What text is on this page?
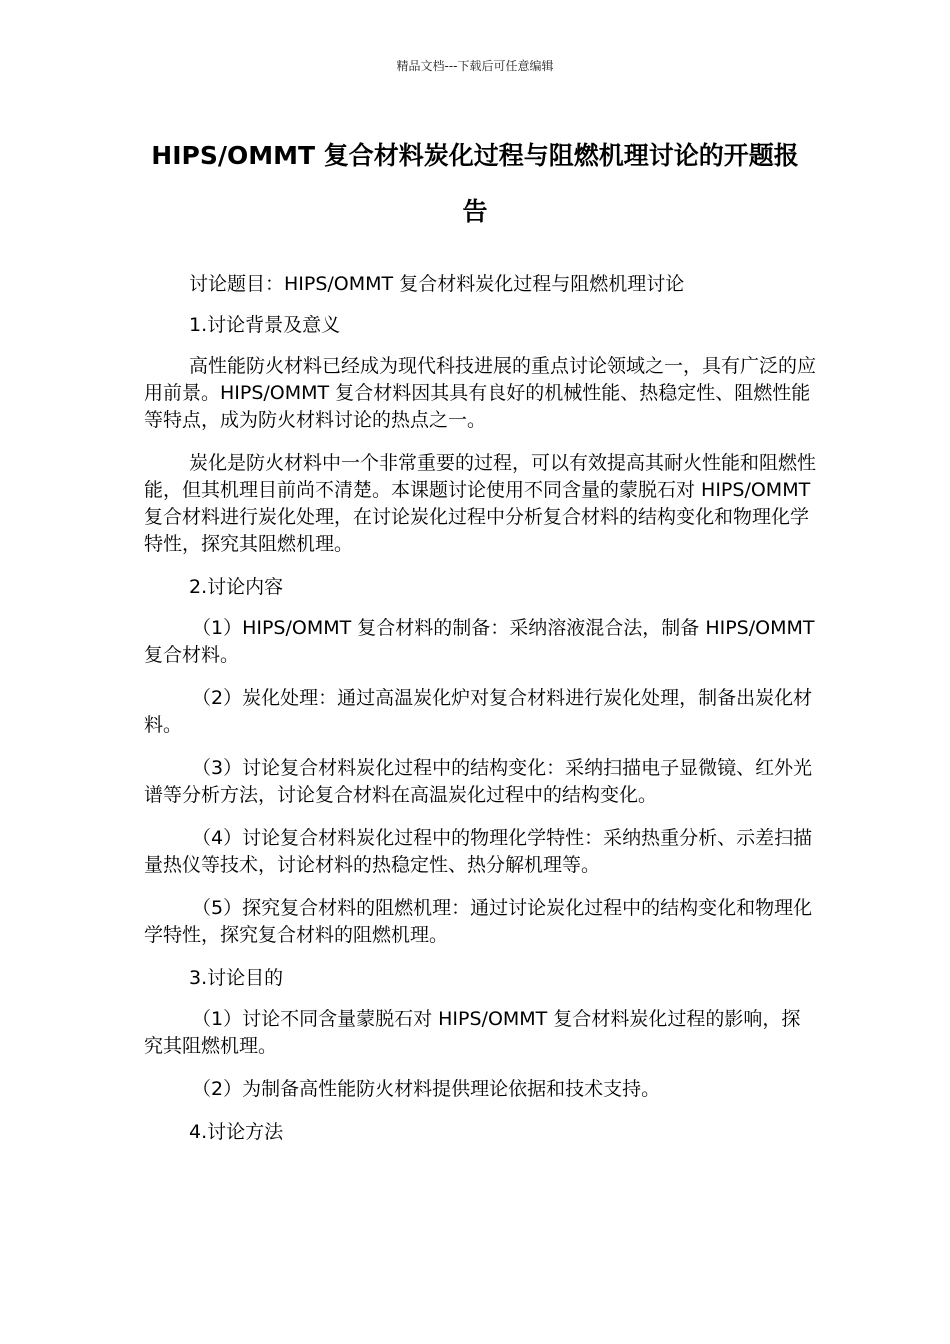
精品文档---下载后可任意编辑
HIPS/OMMT 复合材料炭化过程与阻燃机理讨论的开题报告

讨论题目：HIPS/OMMT 复合材料炭化过程与阻燃机理讨论

1.讨论背景及意义

高性能防火材料已经成为现代科技进展的重点讨论领域之一，具有广泛的应用前景。HIPS/OMMT 复合材料因其具有良好的机械性能、热稳定性、阻燃性能等特点，成为防火材料讨论的热点之一。

炭化是防火材料中一个非常重要的过程，可以有效提高其耐火性能和阻燃性能，但其机理目前尚不清楚。本课题讨论使用不同含量的蒙脱石对 HIPS/OMMT 复合材料进行炭化处理，在讨论炭化过程中分析复合材料的结构变化和物理化学特性，探究其阻燃机理。

2.讨论内容

（1）HIPS/OMMT 复合材料的制备：采纳溶液混合法，制备 HIPS/OMMT 复合材料。

（2）炭化处理：通过高温炭化炉对复合材料进行炭化处理，制备出炭化材料。

（3）讨论复合材料炭化过程中的结构变化：采纳扫描电子显微镜、红外光谱等分析方法，讨论复合材料在高温炭化过程中的结构变化。

（4）讨论复合材料炭化过程中的物理化学特性：采纳热重分析、示差扫描量热仪等技术，讨论材料的热稳定性、热分解机理等。

（5）探究复合材料的阻燃机理：通过讨论炭化过程中的结构变化和物理化学特性，探究复合材料的阻燃机理。

3.讨论目的

（1）讨论不同含量蒙脱石对 HIPS/OMMT 复合材料炭化过程的影响，探究其阻燃机理。

（2）为制备高性能防火材料提供理论依据和技术支持。

4.讨论方法
